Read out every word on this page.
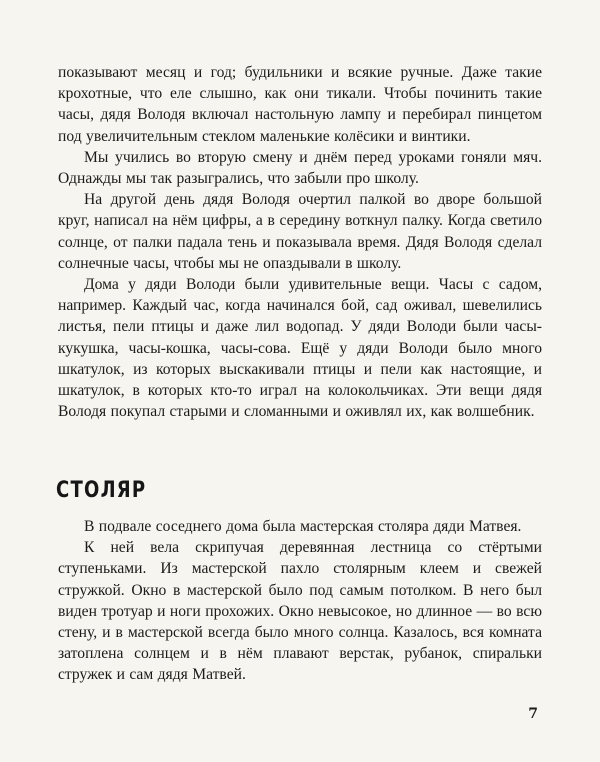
показывают месяц и год; будильники и всякие ручные. Даже такие крохотные, что еле слышно, как они тикали. Чтобы починить такие часы, дядя Володя включал настольную лампу и перебирал пинцетом под увеличительным стеклом маленькие колёсики и винтики.

Мы учились во вторую смену и днём перед уроками гоняли мяч. Однажды мы так разыгрались, что забыли про школу.

На другой день дядя Володя очертил палкой во дворе большой круг, написал на нём цифры, а в середину воткнул палку. Когда светило солнце, от палки падала тень и показывала время. Дядя Володя сделал солнечные часы, чтобы мы не опаздывали в школу.

Дома у дяди Володи были удивительные вещи. Часы с садом, например. Каждый час, когда начинался бой, сад оживал, шевелились листья, пели птицы и даже лил водопад. У дяди Володи были часы-кукушка, часы-кошка, часы-сова. Ещё у дяди Володи было много шкатулок, из которых выскакивали птицы и пели как настоящие, и шкатулок, в которых кто-то играл на колокольчиках. Эти вещи дядя Володя покупал старыми и сломанными и оживлял их, как волшебник.

СТОЛЯР

В подвале соседнего дома была мастерская столяра дяди Матвея.

К ней вела скрипучая деревянная лестница со стёртыми ступеньками. Из мастерской пахло столярным клеем и свежей стружкой. Окно в мастерской было под самым потолком. В него был виден тротуар и ноги прохожих. Окно невысокое, но длинное — во всю стену, и в мастерской всегда было много солнца. Казалось, вся комната затоплена солнцем и в нём плавают верстак, рубанок, спиральки стружек и сам дядя Матвей.

7
